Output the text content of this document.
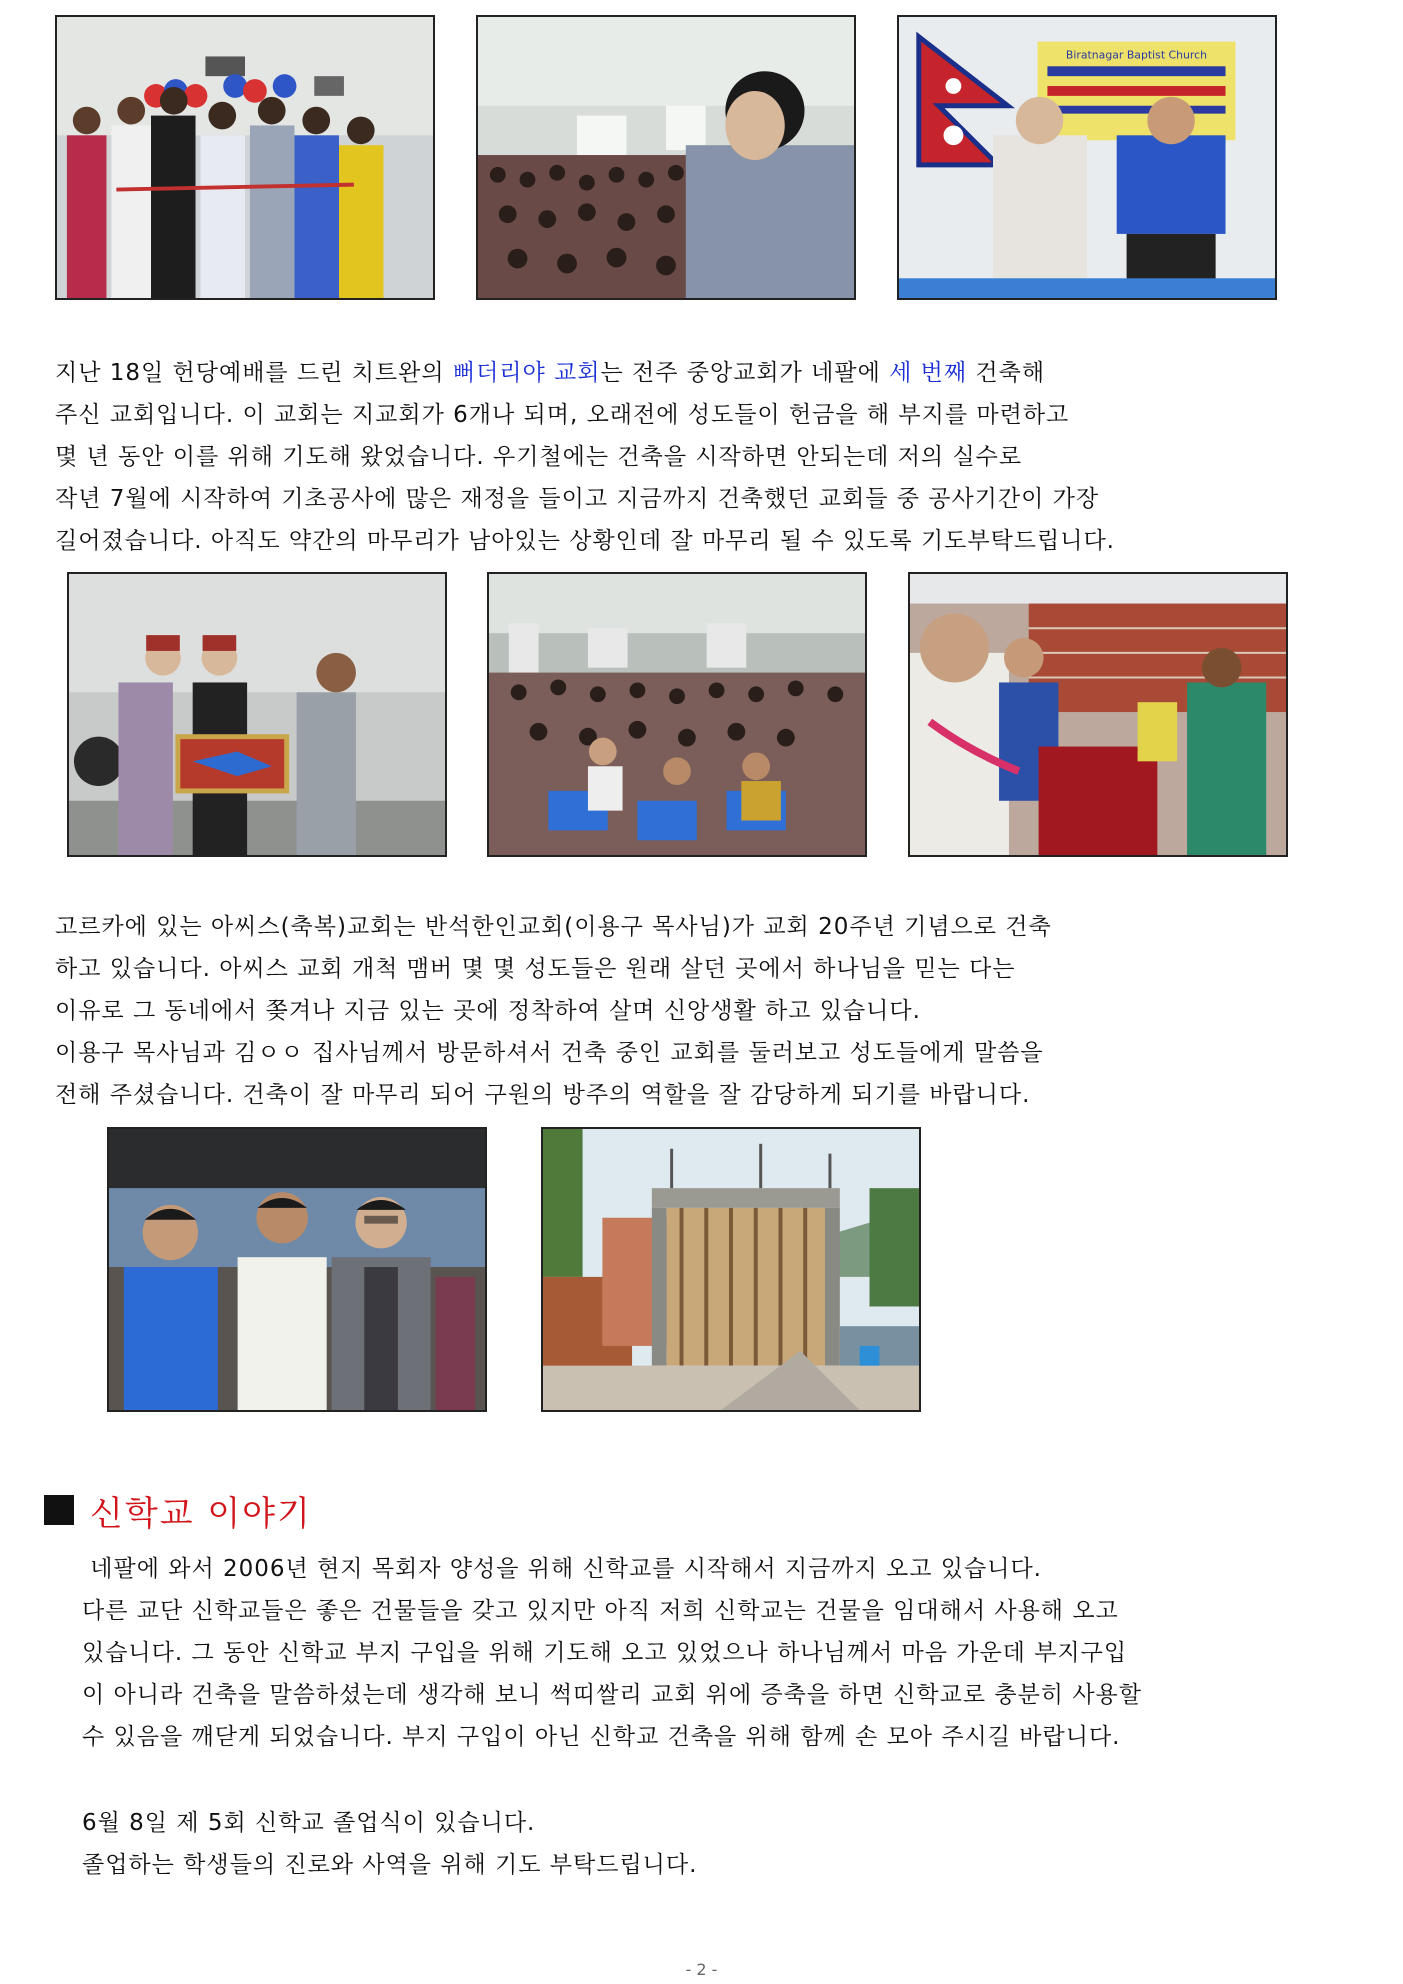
Biratnagar Baptist Church
지난 18일 헌당예배를 드린 치트완의 뻐더리야 교회는 전주 중앙교회가 네팔에 세 번째 건축해
주신 교회입니다. 이 교회는 지교회가 6개나 되며, 오래전에 성도들이 헌금을 해 부지를 마련하고
몇 년 동안 이를 위해 기도해 왔었습니다. 우기철에는 건축을 시작하면 안되는데 저의 실수로
작년 7월에 시작하여 기초공사에 많은 재정을 들이고 지금까지 건축했던 교회들 중 공사기간이 가장
길어졌습니다. 아직도 약간의 마무리가 남아있는 상황인데 잘 마무리 될 수 있도록 기도부탁드립니다.
고르카에 있는 아씨스(축복)교회는 반석한인교회(이용구 목사님)가 교회 20주년 기념으로 건축
하고 있습니다. 아씨스 교회 개척 맴버 몇 몇 성도들은 원래 살던 곳에서 하나님을 믿는 다는
이유로 그 동네에서 쫒겨나 지금 있는 곳에 정착하여 살며 신앙생활 하고 있습니다.
이용구 목사님과 김ㅇㅇ 집사님께서 방문하셔서 건축 중인 교회를 둘러보고 성도들에게 말씀을
전해 주셨습니다. 건축이 잘 마무리 되어 구원의 방주의 역할을 잘 감당하게 되기를 바랍니다.
신학교 이야기
네팔에 와서 2006년 현지 목회자 양성을 위해 신학교를 시작해서 지금까지 오고 있습니다.
다른 교단 신학교들은 좋은 건물들을 갖고 있지만 아직 저희 신학교는 건물을 임대해서 사용해 오고
있습니다. 그 동안 신학교 부지 구입을 위해 기도해 오고 있었으나 하나님께서 마음 가운데 부지구입
이 아니라 건축을 말씀하셨는데 생각해 보니 썩띠쌀리 교회 위에 증축을 하면 신학교로 충분히 사용할
수 있음을 깨닫게 되었습니다. 부지 구입이 아닌 신학교 건축을 위해 함께 손 모아 주시길 바랍니다.
6월 8일 제 5회 신학교 졸업식이 있습니다.
졸업하는 학생들의 진로와 사역을 위해 기도 부탁드립니다.
- 2 -
